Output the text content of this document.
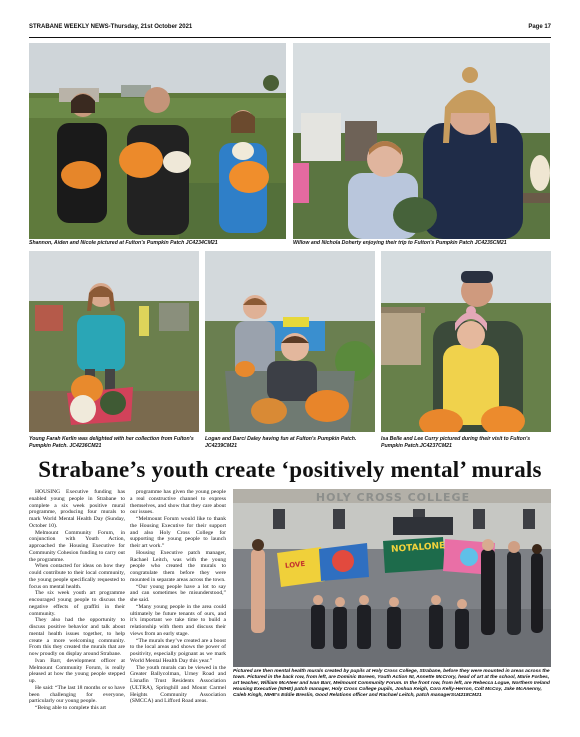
STRABANE WEEKLY NEWS-Thursday, 21st October 2021	Page 17
Shannon, Aiden and Nicole pictured at Fulton's Pumpkin Patch JC4234CM21	Willow and Nichola Doherty enjoying their trip to Fulton's Pumpkin Patch JC4235CM21
Young Farah Kerlin was delighted with her collection from Fulton's Pumpkin Patch. JC4236CM21
Logan and Darci Daley having fun at Fulton's Pumpkin Patch. JC4239CM21
Isa Belle and Lee Curry pictured during their visit to Fulton's Pumpkin Patch.JC4237CM21
Strabane’s youth create ‘positively mental’ murals

HOUSING Executive funding has enabled young people in Strabane to complete a six week positive mural programme, producing four murals to mark World Mental Health Day (Sunday, October 10).

Melmount Community Forum, in conjunction with Youth Action, approached the Housing Executive for Community Cohesion funding to carry out the programme.

When contacted for ideas on how they could contribute to their local community, the young people specifically requested to focus on mental health.

The six week youth art programme encouraged young people to discuss the negative effects of graffiti in their community.

They also had the opportunity to discuss positive behavior and talk about mental health issues together, to help create a more welcoming community. From this they created the murals that are now proudly on display around Strabane.

Ivan Barr, development officer at Melmount Community Forum, is really pleased at how the young people stepped up.

He said: “The last 18 months or so have been challenging for everyone, particularly our young people.

“Being able to complete this art

programme has given the young people a real constructive channel to express themselves, and show that they care about our issues.

“Melmount Forum would like to thank the Housing Executive for their support and also Holy Cross College for supporting the young people to launch their art work.”

Housing Executive patch manager, Rachael Leitch, was with the young people who created the murals to congratulate them before they were mounted in separate areas across the town.

“Our young people have a lot to say and can sometimes be misunderstood,” she said.

“Many young people in the area could ultimately be future tenants of ours, and it’s important we take time to build a relationship with them and discuss their views from an early stage.

“The murals they’ve created are a boost to the local areas and shows the power of positivity, especially poignant as we mark World Mental Health Day this year.”

The youth murals can be viewed in the Greater Ballycolman, Urney Road and Lisnafin Trust Residents Association (ULTRA), Springhill and Mount Carmel Heights Community Association (SMCCA) and Lifford Road areas.

HOLY CROSS COLLEGE
NOTALONE
LOVE
Pictured are then mental health murals created by pupils at Holy Cross College, Strabane, before they were mounted in areas across the town. Pictured in the back row, from left, are Dominic Boreen, Youth Action NI, Annette McCrory, head of art at the school, Marie Forbes, art teacher, William McAteer and Ivan Barr, Melmount Community Forum. In the front row, from left, are Rebecca Logue, Northern Ireland Housing Executive (NIHE) patch manager, Holy Cross College pupils, Joshua Keigh, Cora Kelly-Herron, Colt McCoy, Jake McAnenny, Caleb Kingh, NIHE's Eddie Breslin, Good Relations officer and Rachael Leitch, patch managerSU4218CM21
